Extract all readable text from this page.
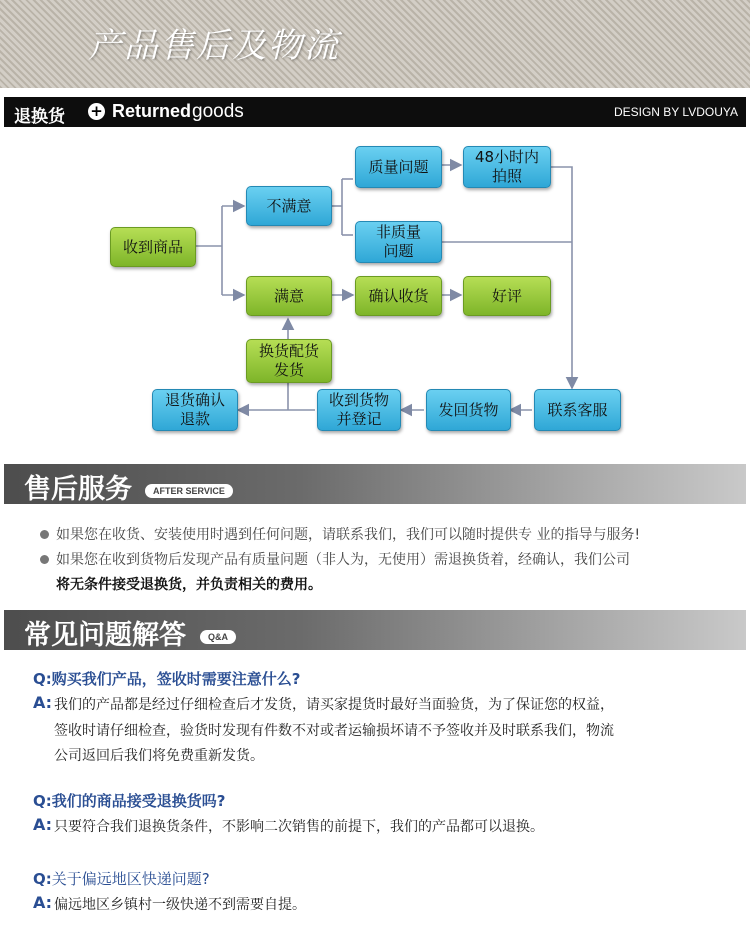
产品售后及物流
退换货 + Returned goods	DESIGN BY LVDOUYA
收到商品
不满意
质量问题
48小时内
拍照
非质量
问题
满意	确认收货	好评
换货配货
发货
联系客服
发回货物
收到货物
并登记
退货确认
退款
售后服务	AFTER SERVICE
如果您在收货、安装使用时遇到任何问题，请联系我们，我们可以随时提供专 业的指导与服务!
如果您在收到货物后发现产品有质量问题（非人为，无使用）需退换货着，经确认，我们公司
将无条件接受退换货，并负责相关的费用。
常见问题解答	Q&A
Q:购买我们产品，签收时需要注意什么?
A: 我们的产品都是经过仔细检查后才发货，请买家提货时最好当面验货，为了保证您的权益，
签收时请仔细检查，验货时发现有件数不对或者运输损坏请不予签收并及时联系我们，物流
公司返回后我们将免费重新发货。
Q:我们的商品接受退换货吗?
A: 只要符合我们退换货条件，不影响二次销售的前提下，我们的产品都可以退换。
Q:关于偏远地区快递问题?
A: 偏远地区乡镇村一级快递不到需要自提。
